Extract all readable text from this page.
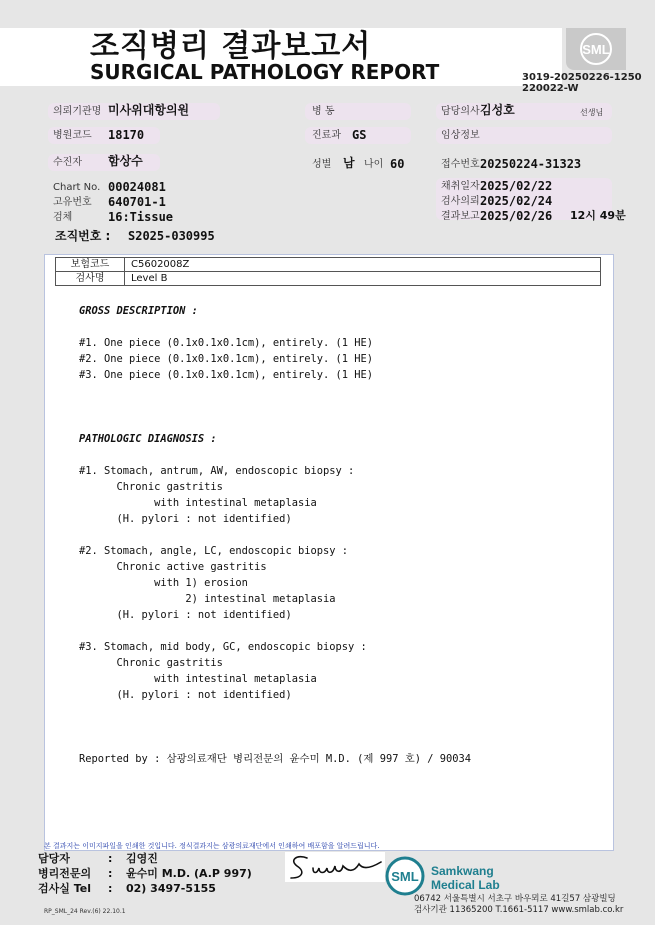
조직병리 결과보고서
SURGICAL PATHOLOGY REPORT
SML
3019-20250226-1250
220022-W
의뢰기관명 미사위대항의원
병원코드 18170
수진자 함상수
Chart No. 00024081
고유번호 640701-1
검체	16:Tissue
조직번호 : S2025-030995
병 동
진료과 GS
성별 남 나이 60
담당의사 김성호	선생님
임상정보
접수번호 20250224-31323
채취일자 2025/02/22
검사의뢰 2025/02/24
결과보고 2025/02/26 12시 49분
보험코드	C5602008Z
검사명	Level B
GROSS DESCRIPTION :

#1. One piece (0.1x0.1x0.1cm), entirely. (1 HE)
#2. One piece (0.1x0.1x0.1cm), entirely. (1 HE)
#3. One piece (0.1x0.1x0.1cm), entirely. (1 HE)

PATHOLOGIC DIAGNOSIS :

#1. Stomach, antrum, AW, endoscopic biopsy :
Chronic gastritis
with intestinal metaplasia
(H. pylori : not identified)

#2. Stomach, angle, LC, endoscopic biopsy :
Chronic active gastritis
with 1) erosion
2) intestinal metaplasia
(H. pylori : not identified)

#3. Stomach, mid body, GC, endoscopic biopsy :
Chronic gastritis
with intestinal metaplasia
(H. pylori : not identified)

Reported by : 삼광의료재단 병리전문의 윤수미 M.D. (제 997 호) / 90034
본 결과지는 이미지파일을 인쇄한 것입니다. 정식결과지는 삼광의료재단에서 인쇄하여 배포함을 알려드립니다.
담당자	: 김영진
병리전문의 : 윤수미 M.D. (A.P 997)
검사실 Tel : 02) 3497-5155
SML Samkwang
Medical Lab
06742 서울특별시 서초구 바우뫼로 41길57 삼광빌딩
검사기관 11365200 T.1661-5117 www.smlab.co.kr
RP_SML_24 Rev.(6) 22.10.1
